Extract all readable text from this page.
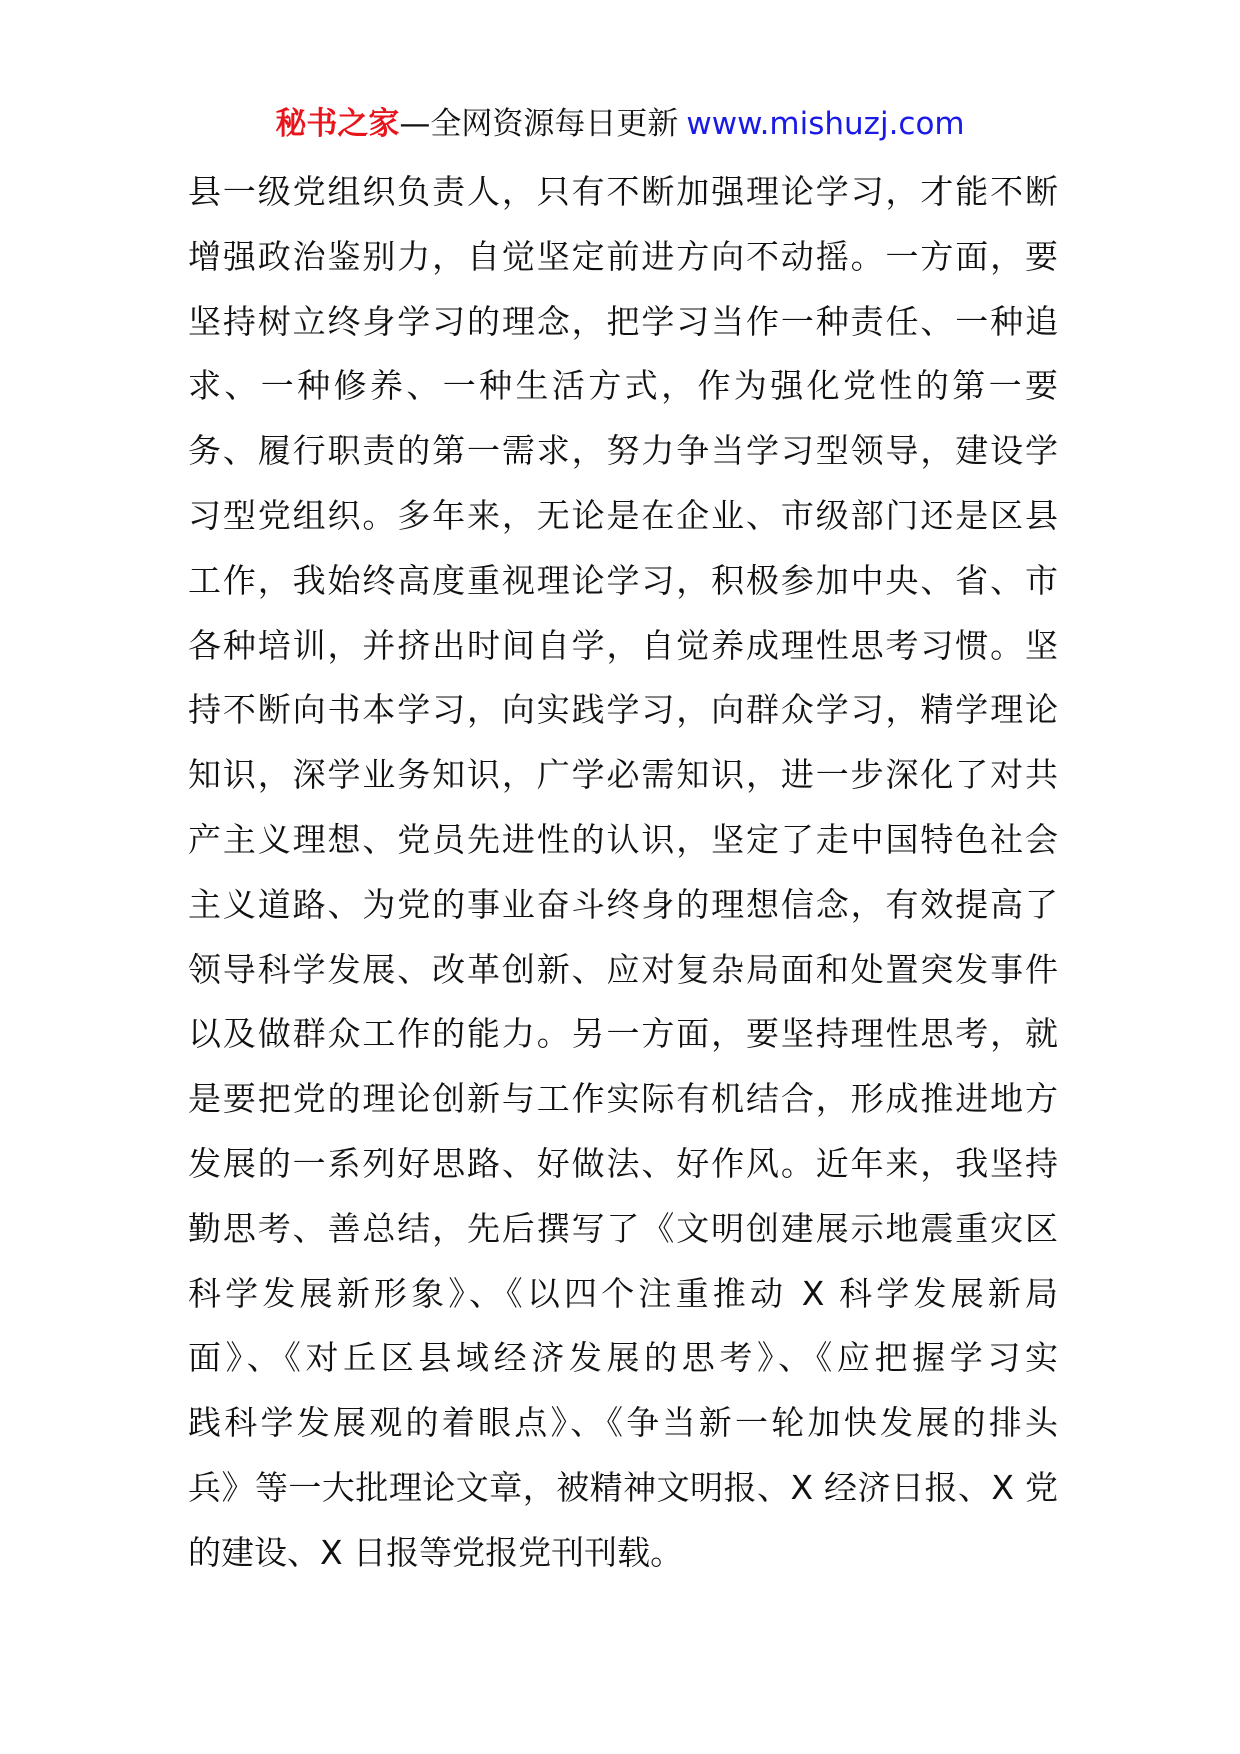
秘书之家—全网资源每日更新 www.mishuzj.com
县一级党组织负责人，只有不断加强理论学习，才能不断
增强政治鉴别力，自觉坚定前进方向不动摇。一方面，要
坚持树立终身学习的理念，把学习当作一种责任、一种追
求、一种修养、一种生活方式，作为强化党性的第一要
务、履行职责的第一需求，努力争当学习型领导，建设学
习型党组织。多年来，无论是在企业、市级部门还是区县
工作，我始终高度重视理论学习，积极参加中央、省、市
各种培训，并挤出时间自学，自觉养成理性思考习惯。坚
持不断向书本学习，向实践学习，向群众学习，精学理论
知识，深学业务知识，广学必需知识，进一步深化了对共
产主义理想、党员先进性的认识，坚定了走中国特色社会
主义道路、为党的事业奋斗终身的理想信念，有效提高了
领导科学发展、改革创新、应对复杂局面和处置突发事件
以及做群众工作的能力。另一方面，要坚持理性思考，就
是要把党的理论创新与工作实际有机结合，形成推进地方
发展的一系列好思路、好做法、好作风。近年来，我坚持
勤思考、善总结，先后撰写了《文明创建展示地震重灾区
科学发展新形象》、《以四个注重推动 X 科学发展新局
面》、《对丘区县域经济发展的思考》、《应把握学习实
践科学发展观的着眼点》、《争当新一轮加快发展的排头
兵》等一大批理论文章，被精神文明报、X 经济日报、X 党
的建设、X 日报等党报党刊刊载。
